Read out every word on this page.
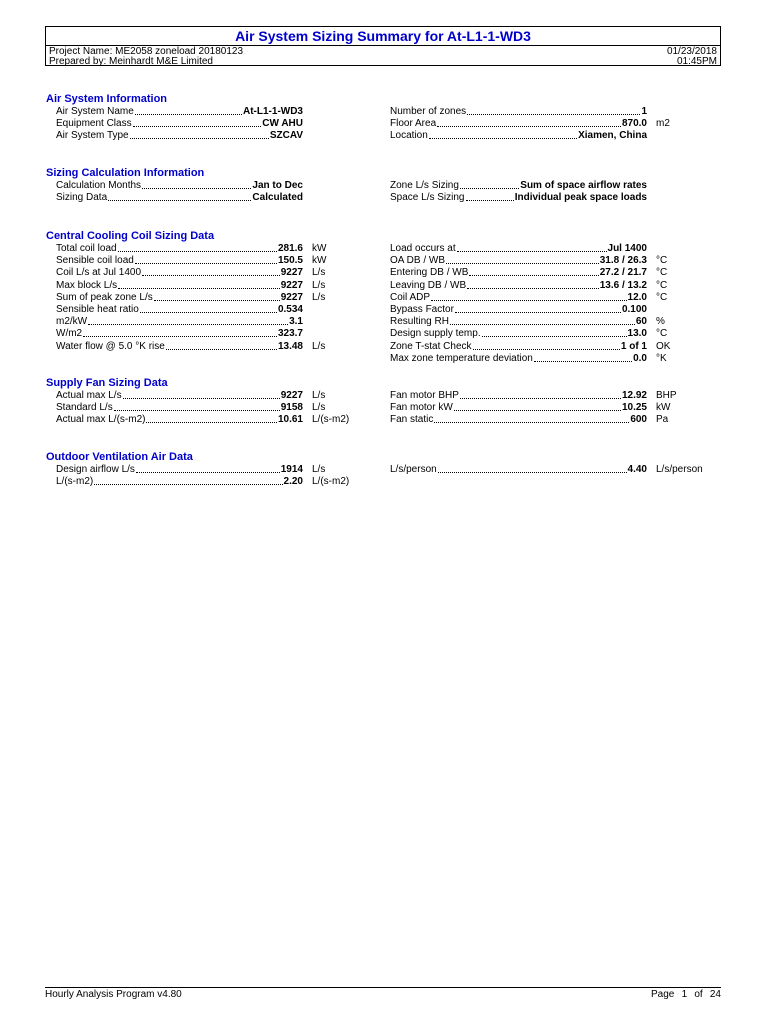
Air System Sizing Summary for At-L1-1-WD3
Project Name: ME2058 zoneload 20180123
Prepared by: Meinhardt M&E Limited
01/23/2018
01:45PM
Air System Information
Air System Name	At-L1-1-WD3
Equipment Class	CW AHU
Air System Type	SZCAV
Number of zones	1
Floor Area	870.0 m2
Location	Xiamen, China
Sizing Calculation Information
Calculation Months	Jan to Dec
Sizing Data	Calculated
Zone L/s Sizing	Sum of space airflow rates
Space L/s Sizing	Individual peak space loads
Central Cooling Coil Sizing Data
Total coil load	281.6 kW
Sensible coil load	150.5 kW
Coil L/s at Jul 1400	9227 L/s
Max block L/s	9227 L/s
Sum of peak zone L/s	9227 L/s
Sensible heat ratio	0.534
m2/kW	3.1
W/m2	323.7
Water flow @ 5.0 °K rise	13.48 L/s
Load occurs at	Jul 1400
OA DB / WB	31.8 / 26.3 °C
Entering DB / WB	27.2 / 21.7 °C
Leaving DB / WB	13.6 / 13.2 °C
Coil ADP	12.0 °C
Bypass Factor	0.100
Resulting RH	60 %
Design supply temp.	13.0 °C
Zone T-stat Check	1 of 1 OK
Max zone temperature deviation	0.0 °K
Supply Fan Sizing Data
Actual max L/s	9227 L/s
Standard L/s	9158 L/s
Actual max L/(s-m2)	10.61 L/(s-m2)
Fan motor BHP	12.92 BHP
Fan motor kW	10.25 kW
Fan static	600 Pa
Outdoor Ventilation Air Data
Design airflow L/s	1914 L/s
L/(s-m2)	2.20 L/(s-m2)
L/s/person	4.40 L/s/person
Hourly Analysis Program v4.80	Page 1 of 24
